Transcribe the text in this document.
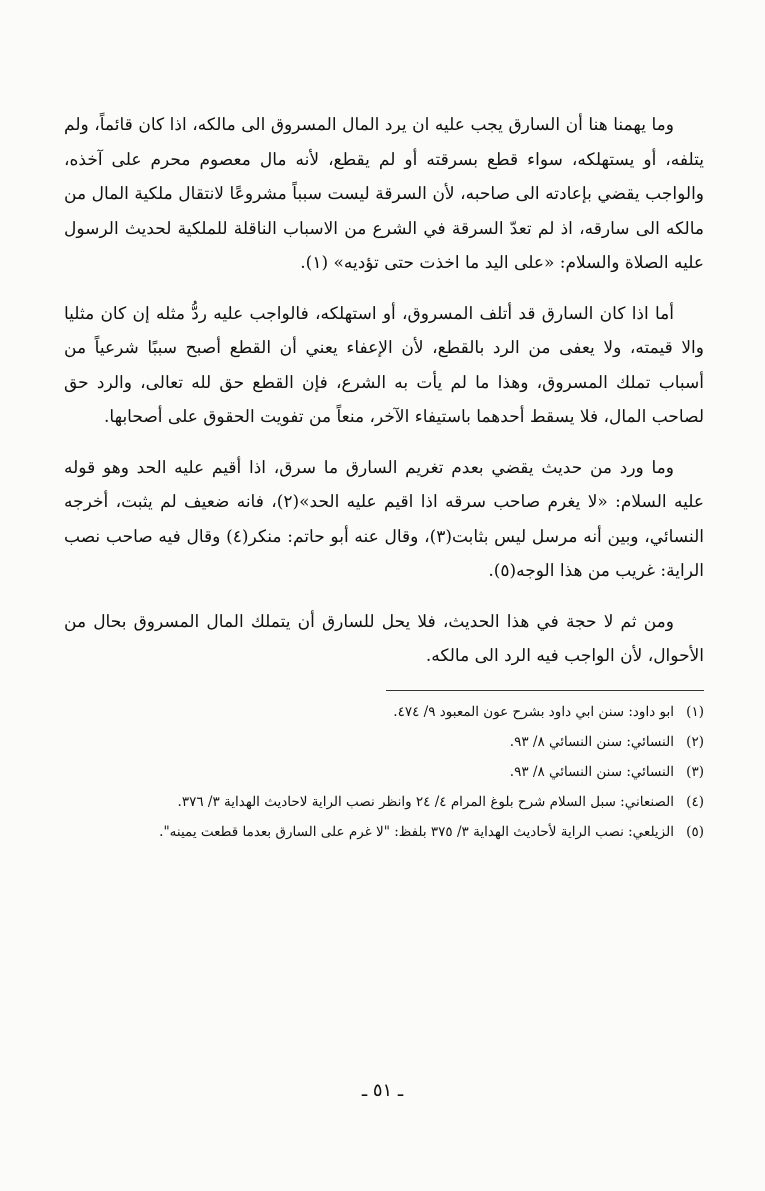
وما يهمنا هنا أن السارق يجب عليه ان يرد المال المسروق الى مالكه، اذا كان قائماً، ولم يتلفه، أو يستهلكه، سواء قطع بسرقته أو لم يقطع، لأنه مال معصوم محرم على آخذه، والواجب يقضي بإعادته الى صاحبه، لأن السرقة ليست سبباً مشروعًا لانتقال ملكية المال من مالكه الى سارقه، اذ لم تعدّ السرقة في الشرع من الاسباب الناقلة للملكية لحديث الرسول عليه الصلاة والسلام: «على اليد ما اخذت حتى تؤديه» (١).

أما اذا كان السارق قد أتلف المسروق، أو استهلكه، فالواجب عليه ردُّ مثله إن كان مثليا والا قيمته، ولا يعفى من الرد بالقطع، لأن الإعفاء يعني أن القطع أصبح سببًا شرعياً من أسباب تملك المسروق، وهذا ما لم يأت به الشرع، فإن القطع حق لله تعالى، والرد حق لصاحب المال، فلا يسقط أحدهما باستيفاء الآخر، منعاً من تفويت الحقوق على أصحابها.

وما ورد من حديث يقضي بعدم تغريم السارق ما سرق، اذا أقيم عليه الحد وهو قوله عليه السلام: «لا يغرم صاحب سرقه اذا اقيم عليه الحد»(٢)، فانه ضعيف لم يثبت، أخرجه النسائي، وبين أنه مرسل ليس بثابت(٣)، وقال عنه أبو حاتم: منكر(٤) وقال فيه صاحب نصب الراية: غريب من هذا الوجه(٥).

ومن ثم لا حجة في هذا الحديث، فلا يحل للسارق أن يتملك المال المسروق بحال من الأحوال، لأن الواجب فيه الرد الى مالكه.

(١)
ابو داود: سنن ابي داود بشرح عون المعبود ٩/ ٤٧٤.
(٢)
النسائي: سنن النسائي ٨/ ٩٣.
(٣)
النسائي: سنن النسائي ٨/ ٩٣.
(٤)
الصنعاني: سبل السلام شرح بلوغ المرام ٤/ ٢٤ وانظر نصب الراية لاحاديث الهداية ٣/ ٣٧٦.
(٥)
الزيلعي: نصب الراية لأحاديث الهداية ٣/ ٣٧٥ بلفظ: "لا غرم على السارق بعدما قطعت يمينه".
ـ ٥١ ـ
